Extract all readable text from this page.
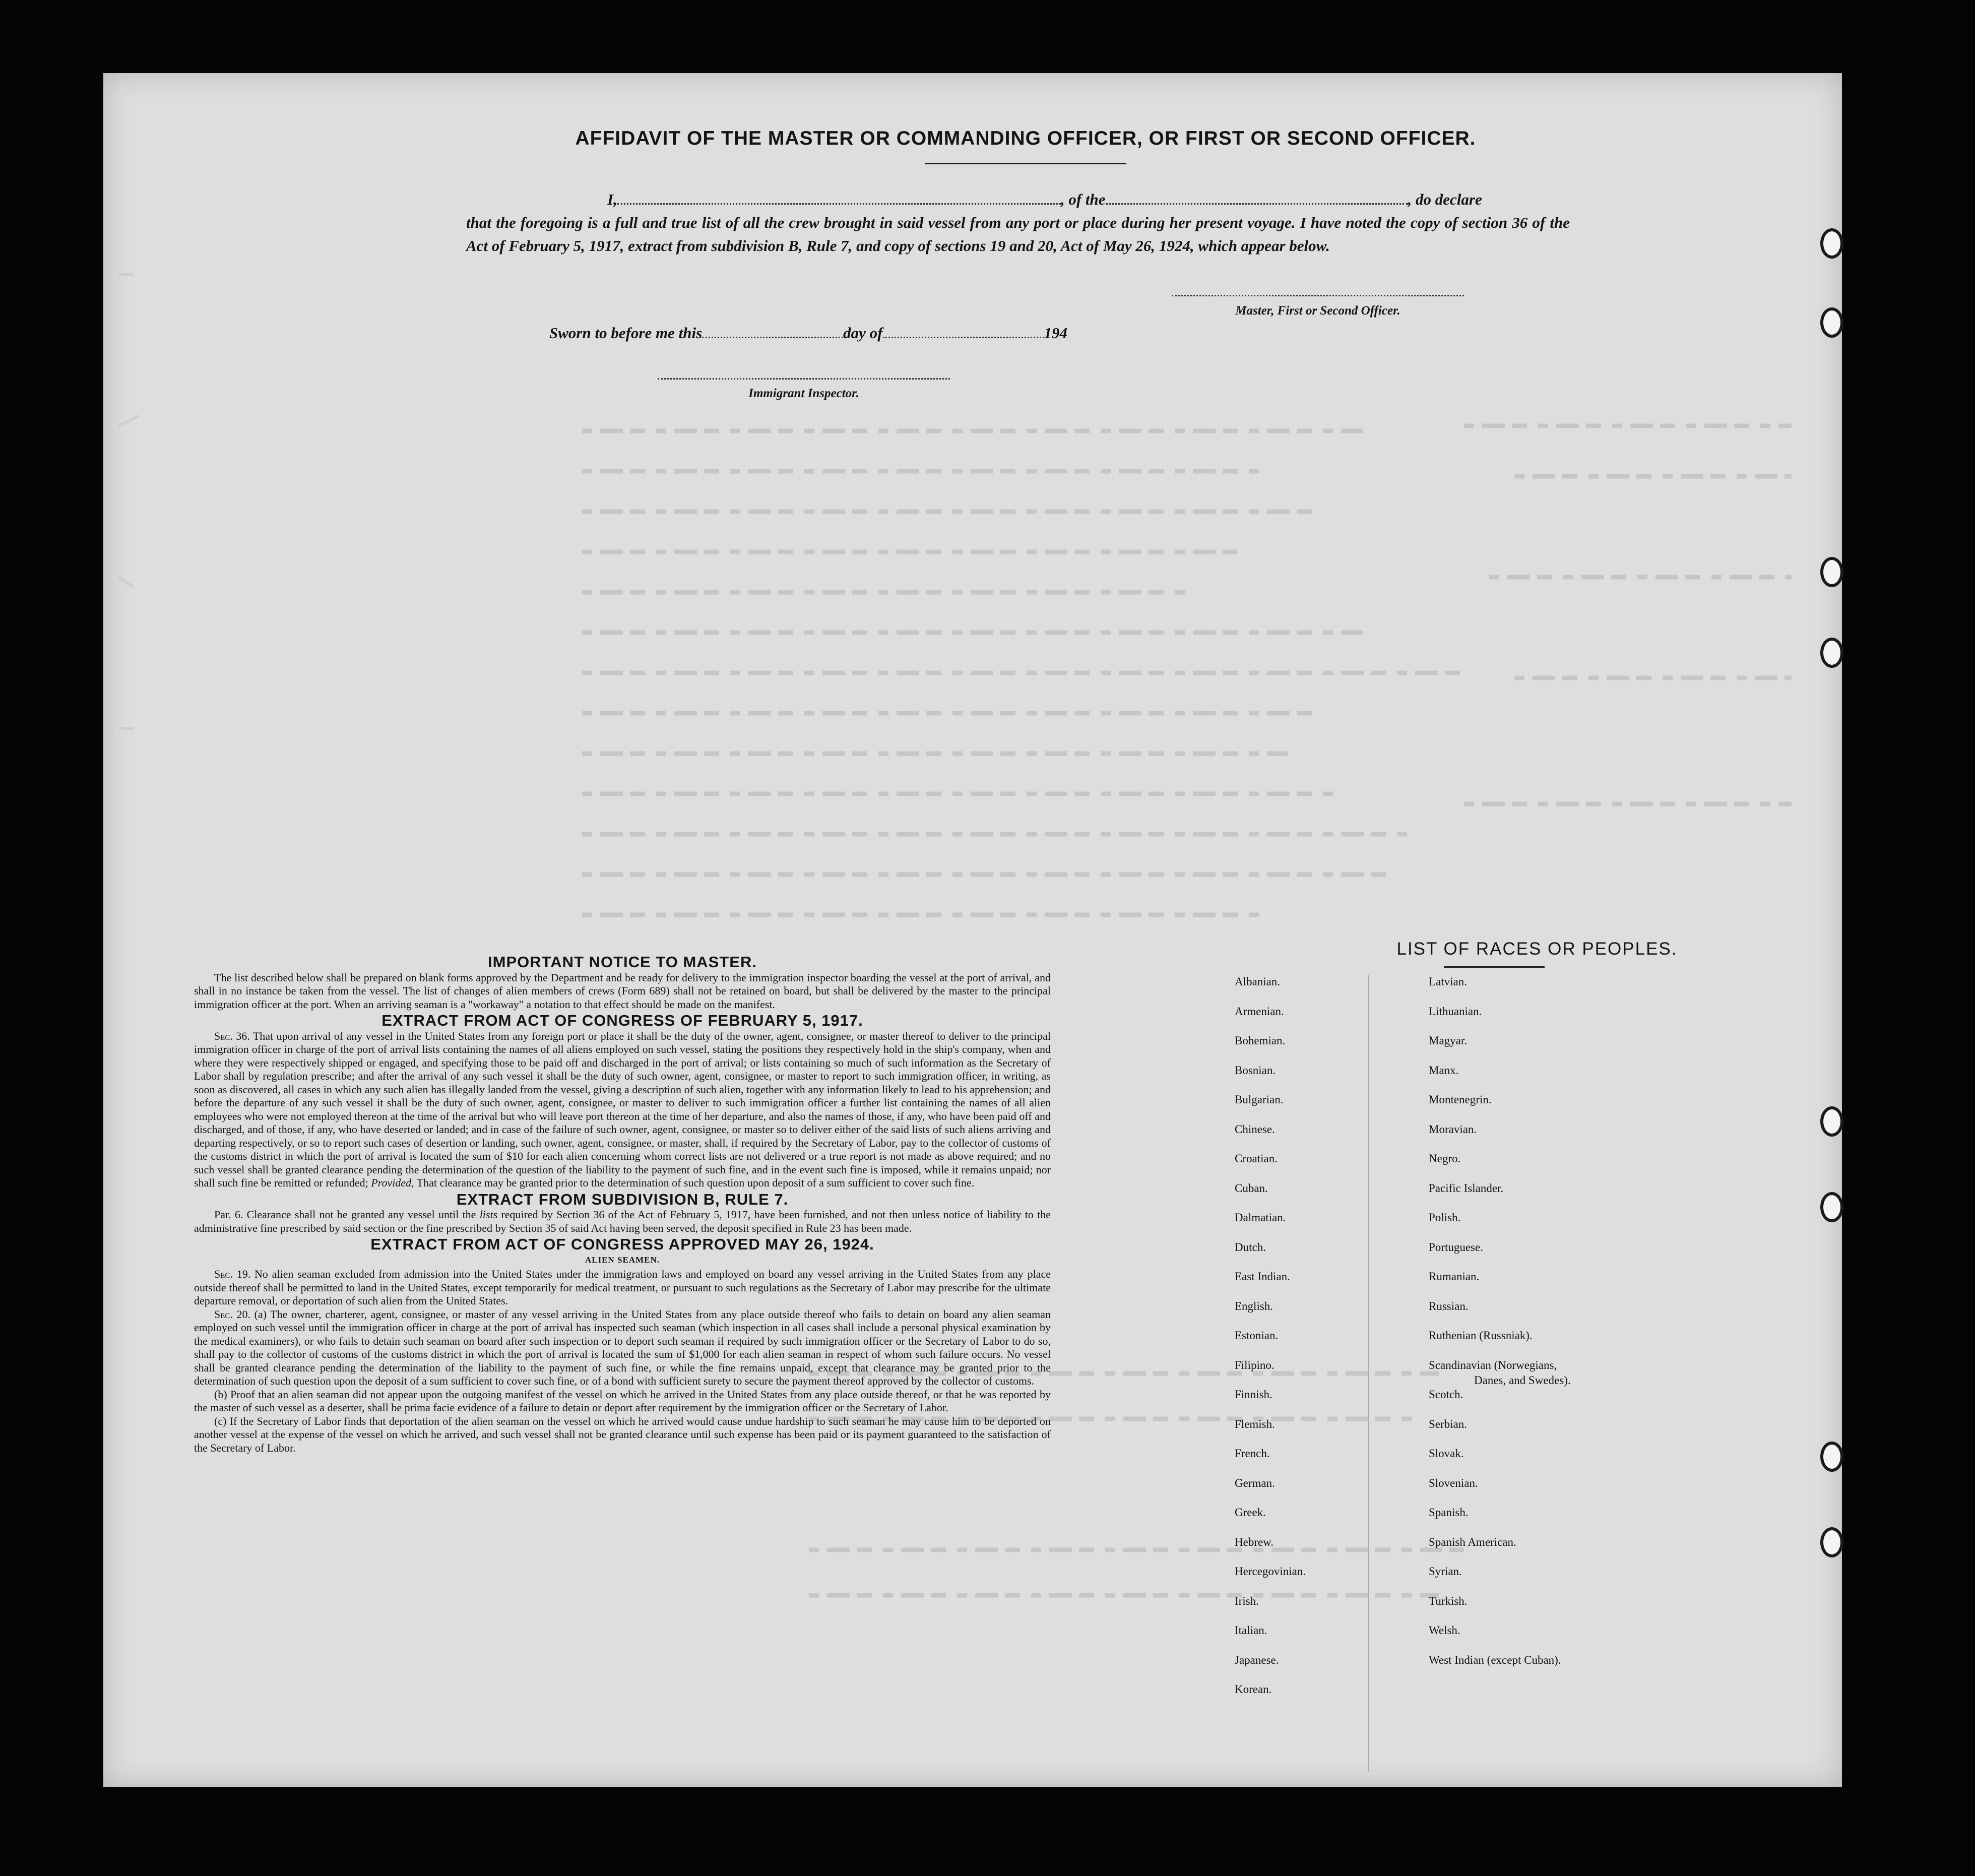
AFFIDAVIT OF THE MASTER OR COMMANDING OFFICER, OR FIRST OR SECOND OFFICER.
I,	, of the	, do declare
that the foregoing is a full and true list of all the crew brought in said vessel from any port or place during her present voyage. I have noted the copy of section 36 of the Act of February 5, 1917, extract from subdivision B, Rule 7, and copy of sections 19 and 20, Act of May 26, 1924, which appear below.
Master, First or Second Officer.
Sworn to before me this	day of	194
Immigrant Inspector.
IMPORTANT NOTICE TO MASTER.

The list described below shall be prepared on blank forms approved by the Department and be ready for delivery to the immigration inspector boarding the vessel at the port of arrival, and shall in no instance be taken from the vessel. The list of changes of alien members of crews (Form 689) shall not be retained on board, but shall be delivered by the master to the principal immigration officer at the port. When an arriving seaman is a "workaway" a notation to that effect should be made on the manifest.

EXTRACT FROM ACT OF CONGRESS OF FEBRUARY 5, 1917.

Sec. 36. That upon arrival of any vessel in the United States from any foreign port or place it shall be the duty of the owner, agent, consignee, or master thereof to deliver to the principal immigration officer in charge of the port of arrival lists containing the names of all aliens employed on such vessel, stating the positions they respectively hold in the ship's company, when and where they were respectively shipped or engaged, and specifying those to be paid off and discharged in the port of arrival; or lists containing so much of such information as the Secretary of Labor shall by regulation prescribe; and after the arrival of any such vessel it shall be the duty of such owner, agent, consignee, or master to report to such immigration officer, in writing, as soon as discovered, all cases in which any such alien has illegally landed from the vessel, giving a description of such alien, together with any information likely to lead to his apprehension; and before the departure of any such vessel it shall be the duty of such owner, agent, consignee, or master to deliver to such immigration officer a further list containing the names of all alien employees who were not employed thereon at the time of the arrival but who will leave port thereon at the time of her departure, and also the names of those, if any, who have been paid off and discharged, and of those, if any, who have deserted or landed; and in case of the failure of such owner, agent, consignee, or master so to deliver either of the said lists of such aliens arriving and departing respectively, or so to report such cases of desertion or landing, such owner, agent, consignee, or master, shall, if required by the Secretary of Labor, pay to the collector of customs of the customs district in which the port of arrival is located the sum of $10 for each alien concerning whom correct lists are not delivered or a true report is not made as above required; and no such vessel shall be granted clearance pending the determination of the question of the liability to the payment of such fine, and in the event such fine is imposed, while it remains unpaid; nor shall such fine be remitted or refunded; Provided, That clearance may be granted prior to the determination of such question upon deposit of a sum sufficient to cover such fine.

EXTRACT FROM SUBDIVISION B, RULE 7.

Par. 6. Clearance shall not be granted any vessel until the lists required by Section 36 of the Act of February 5, 1917, have been furnished, and not then unless notice of liability to the administrative fine prescribed by said section or the fine prescribed by Section 35 of said Act having been served, the deposit specified in Rule 23 has been made.

EXTRACT FROM ACT OF CONGRESS APPROVED MAY 26, 1924.

ALIEN SEAMEN.

Sec. 19. No alien seaman excluded from admission into the United States under the immigration laws and employed on board any vessel arriving in the United States from any place outside thereof shall be permitted to land in the United States, except temporarily for medical treatment, or pursuant to such regulations as the Secretary of Labor may prescribe for the ultimate departure removal, or deportation of such alien from the United States.

Sec. 20. (a) The owner, charterer, agent, consignee, or master of any vessel arriving in the United States from any place outside thereof who fails to detain on board any alien seaman employed on such vessel until the immigration officer in charge at the port of arrival has inspected such seaman (which inspection in all cases shall include a personal physical examination by the medical examiners), or who fails to detain such seaman on board after such inspection or to deport such seaman if required by such immigration officer or the Secretary of Labor to do so, shall pay to the collector of customs of the customs district in which the port of arrival is located the sum of $1,000 for each alien seaman in respect of whom such failure occurs. No vessel shall be granted clearance pending the determination of the liability to the payment of such fine, or while the fine remains unpaid, except that clearance may be granted prior to the determination of such question upon the deposit of a sum sufficient to cover such fine, or of a bond with sufficient surety to secure the payment thereof approved by the collector of customs.

(b) Proof that an alien seaman did not appear upon the outgoing manifest of the vessel on which he arrived in the United States from any place outside thereof, or that he was reported by the master of such vessel as a deserter, shall be prima facie evidence of a failure to detain or deport after requirement by the immigration officer or the Secretary of Labor.

(c) If the Secretary of Labor finds that deportation of the alien seaman on the vessel on which he arrived would cause undue hardship to such seaman he may cause him to be deported on another vessel at the expense of the vessel on which he arrived, and such vessel shall not be granted clearance until such expense has been paid or its payment guaranteed to the satisfaction of the Secretary of Labor.

LIST OF RACES OR PEOPLES.
Albanian.
Armenian.
Bohemian.
Bosnian.
Bulgarian.
Chinese.
Croatian.
Cuban.
Dalmatian.
Dutch.
East Indian.
English.
Estonian.
Filipino.
Finnish.
Flemish.
French.
German.
Greek.
Hebrew.
Hercegovinian.
Irish.
Italian.
Japanese.
Korean.
Latvian.
Lithuanian.
Magyar.
Manx.
Montenegrin.
Moravian.
Negro.
Pacific Islander.
Polish.
Portuguese.
Rumanian.
Russian.
Ruthenian (Russniak).
Scandinavian (Norwegians,
Danes, and Swedes).
Scotch.
Serbian.
Slovak.
Slovenian.
Spanish.
Spanish American.
Syrian.
Turkish.
Welsh.
West Indian (except Cuban).
